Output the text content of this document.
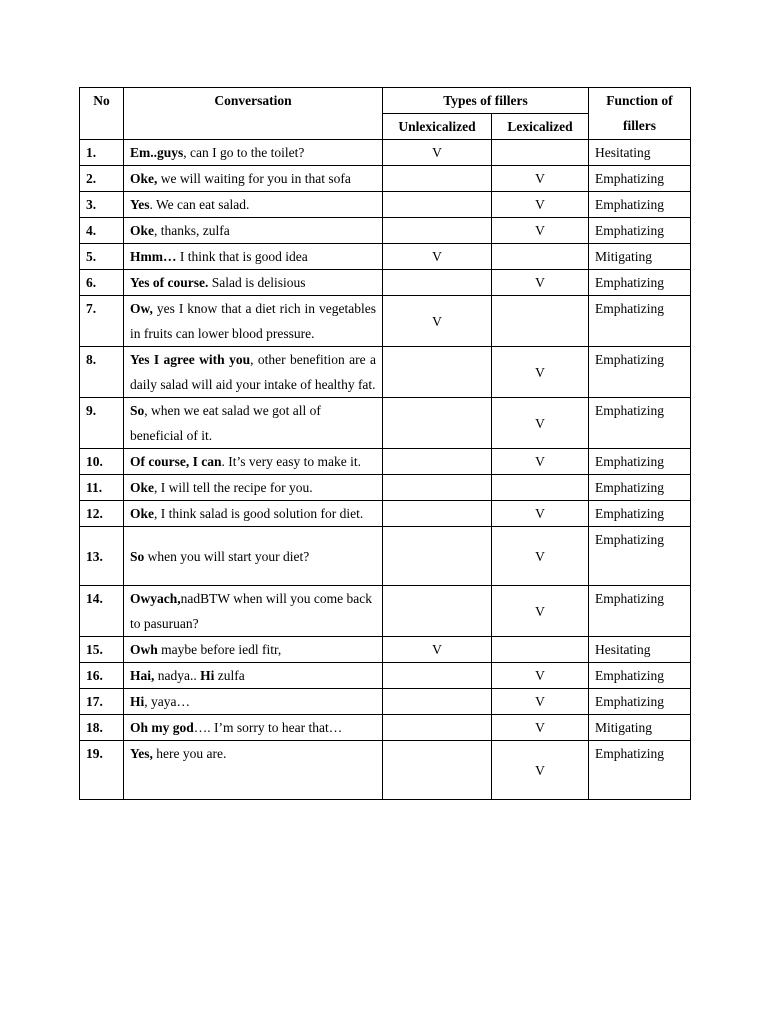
No	Conversation	Types of fillers		Function of
fillers
		Unlexicalized	Lexicalized	
1.	Em..guys, can I go to the toilet?	V		Hesitating
2.	Oke, we will waiting for you in that sofa		V	Emphatizing
3.	Yes. We can eat salad.		V	Emphatizing
4.	Oke, thanks, zulfa		V	Emphatizing
5.	Hmm… I think that is good idea	V		Mitigating
6.	Yes of course. Salad is delisious		V	Emphatizing
7.	Ow, yes I know that a diet rich in vegetables in fruits can lower blood pressure.	V		Emphatizing
8.	Yes I agree with you, other benefition are a daily salad will aid your intake of healthy fat.		V	Emphatizing
9.	So, when we eat salad we got all of beneficial of it.		V	Emphatizing
10.	Of course, I can. It’s very easy to make it.		V	Emphatizing
11.	Oke, I will tell the recipe for you.			Emphatizing
12.	Oke, I think salad is good solution for diet.		V	Emphatizing
13.	So when you will start your diet?		V	Emphatizing
14.	Owyach,nadBTW when will you come back to pasuruan?		V	Emphatizing
15.	Owh maybe before iedl fitr,	V		Hesitating
16.	Hai, nadya.. Hi zulfa		V	Emphatizing
17.	Hi, yaya…		V	Emphatizing
18.	Oh my god…. I’m sorry to hear that…		V	Mitigating
19.	Yes, here you are.		V	Emphatizing
